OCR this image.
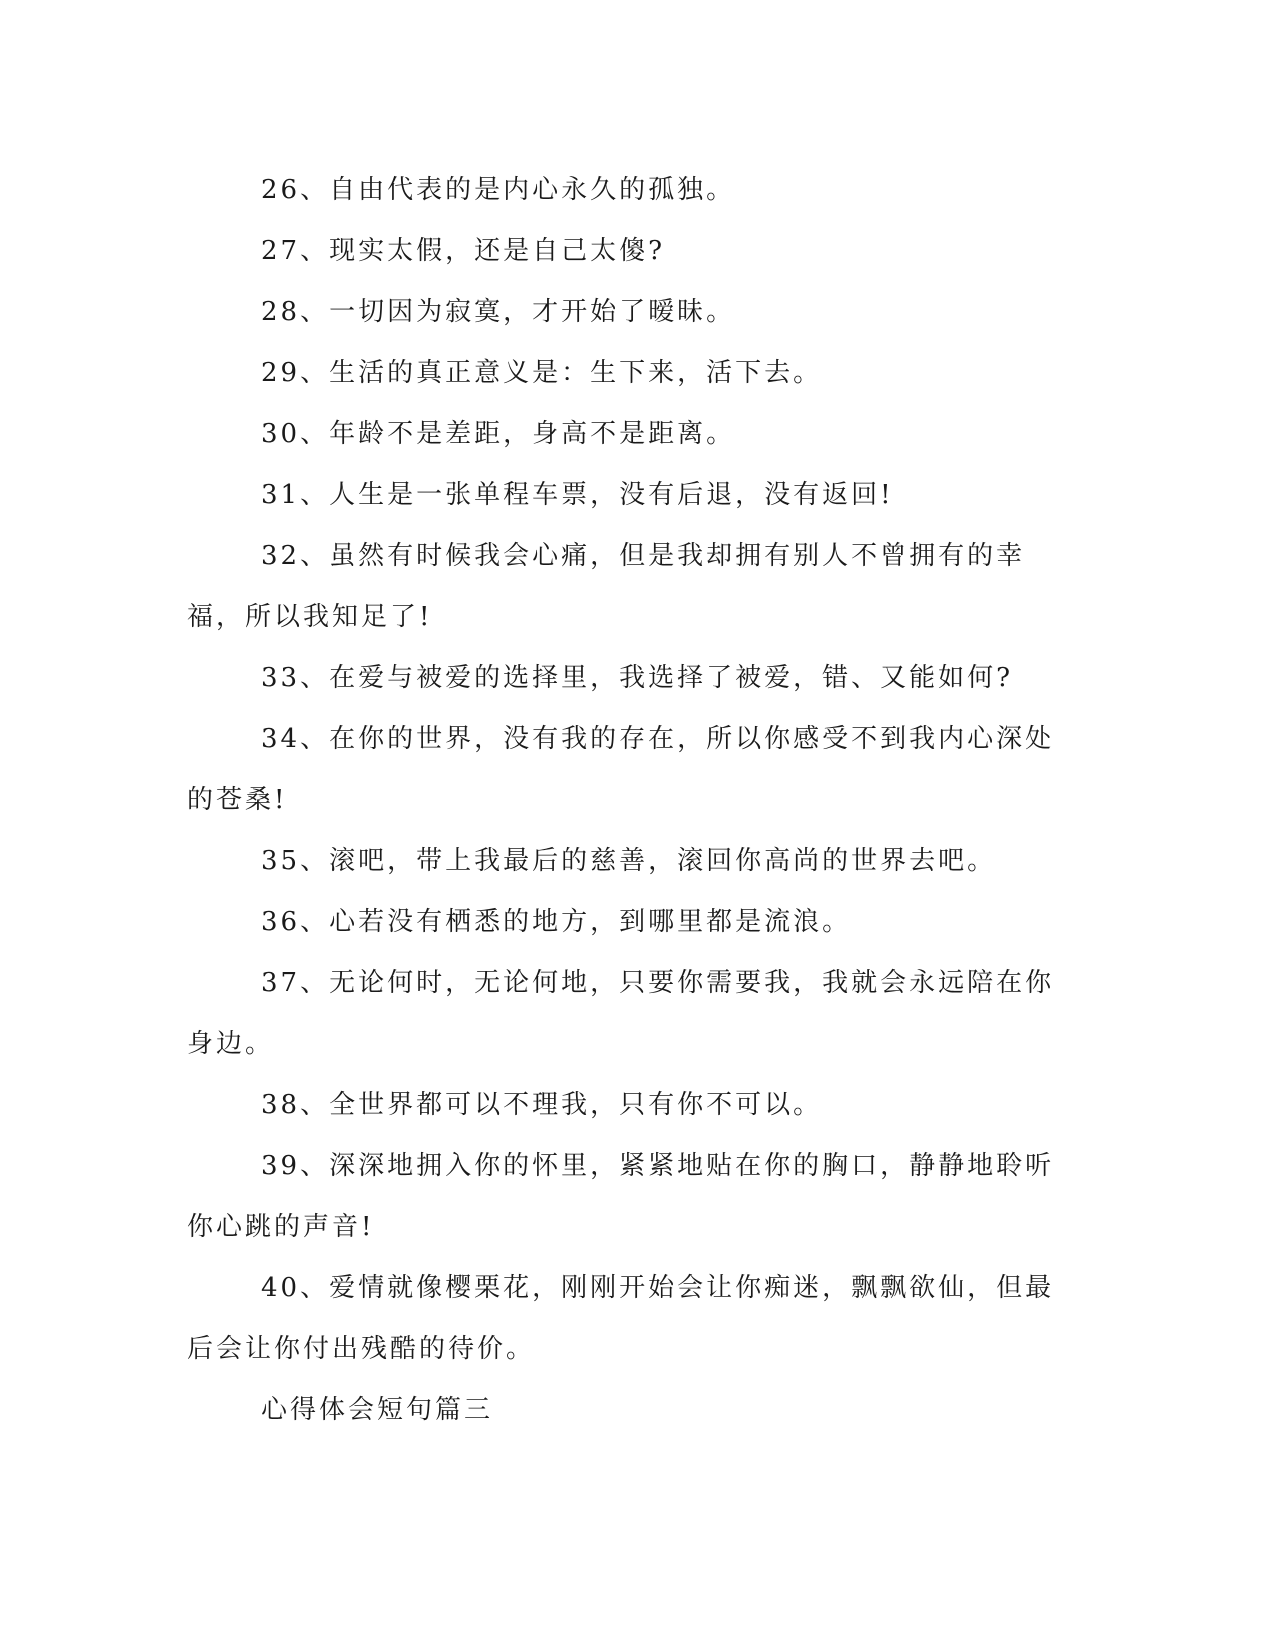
26、自由代表的是内心永久的孤独。

27、现实太假，还是自己太傻?

28、一切因为寂寞，才开始了暧昧。

29、生活的真正意义是：生下来，活下去。

30、年龄不是差距，身高不是距离。

31、人生是一张单程车票，没有后退，没有返回!

32、虽然有时候我会心痛，但是我却拥有别人不曾拥有的幸福，所以我知足了!

33、在爱与被爱的选择里，我选择了被爱，错、又能如何?

34、在你的世界，没有我的存在，所以你感受不到我内心深处的苍桑!

35、滚吧，带上我最后的慈善，滚回你高尚的世界去吧。

36、心若没有栖悉的地方，到哪里都是流浪。

37、无论何时，无论何地，只要你需要我，我就会永远陪在你身边。

38、全世界都可以不理我，只有你不可以。

39、深深地拥入你的怀里，紧紧地贴在你的胸口，静静地聆听你心跳的声音!

40、爱情就像樱栗花，刚刚开始会让你痴迷，飘飘欲仙，但最后会让你付出残酷的待价。

心得体会短句篇三
